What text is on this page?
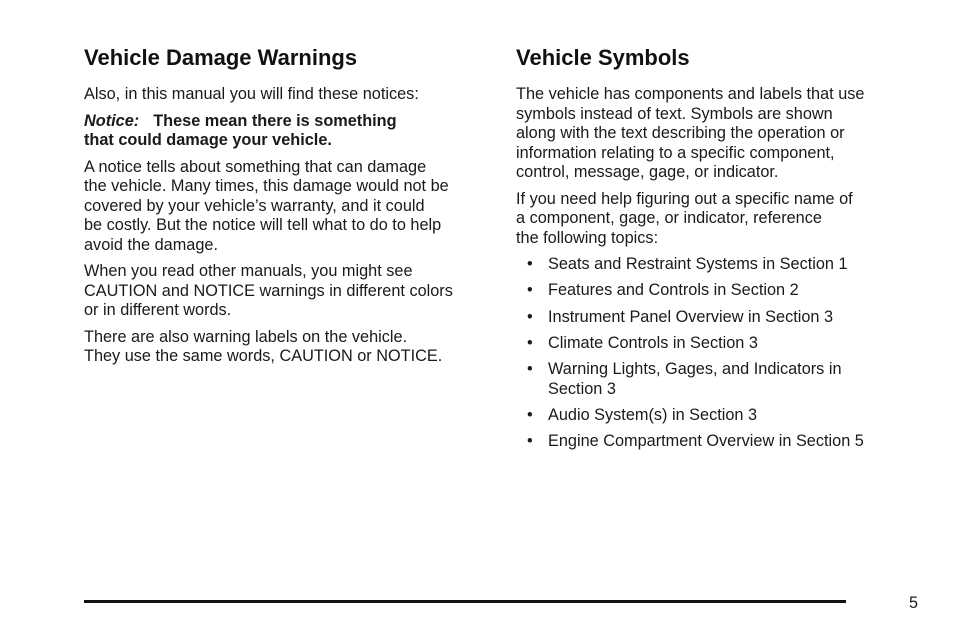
Vehicle Damage Warnings

Also, in this manual you will find these notices:

Notice: These mean there is something
that could damage your vehicle.

A notice tells about something that can damage
the vehicle. Many times, this damage would not be
covered by your vehicle’s warranty, and it could
be costly. But the notice will tell what to do to help
avoid the damage.

When you read other manuals, you might see
CAUTION and NOTICE warnings in different colors
or in different words.

There are also warning labels on the vehicle.
They use the same words, CAUTION or NOTICE.

Vehicle Symbols

The vehicle has components and labels that use
symbols instead of text. Symbols are shown
along with the text describing the operation or
information relating to a specific component,
control, message, gage, or indicator.

If you need help figuring out a specific name of
a component, gage, or indicator, reference
the following topics:

• Seats and Restraint Systems in Section 1
• Features and Controls in Section 2
• Instrument Panel Overview in Section 3
• Climate Controls in Section 3
• Warning Lights, Gages, and Indicators in
Section 3
• Audio System(s) in Section 3
• Engine Compartment Overview in Section 5
5
